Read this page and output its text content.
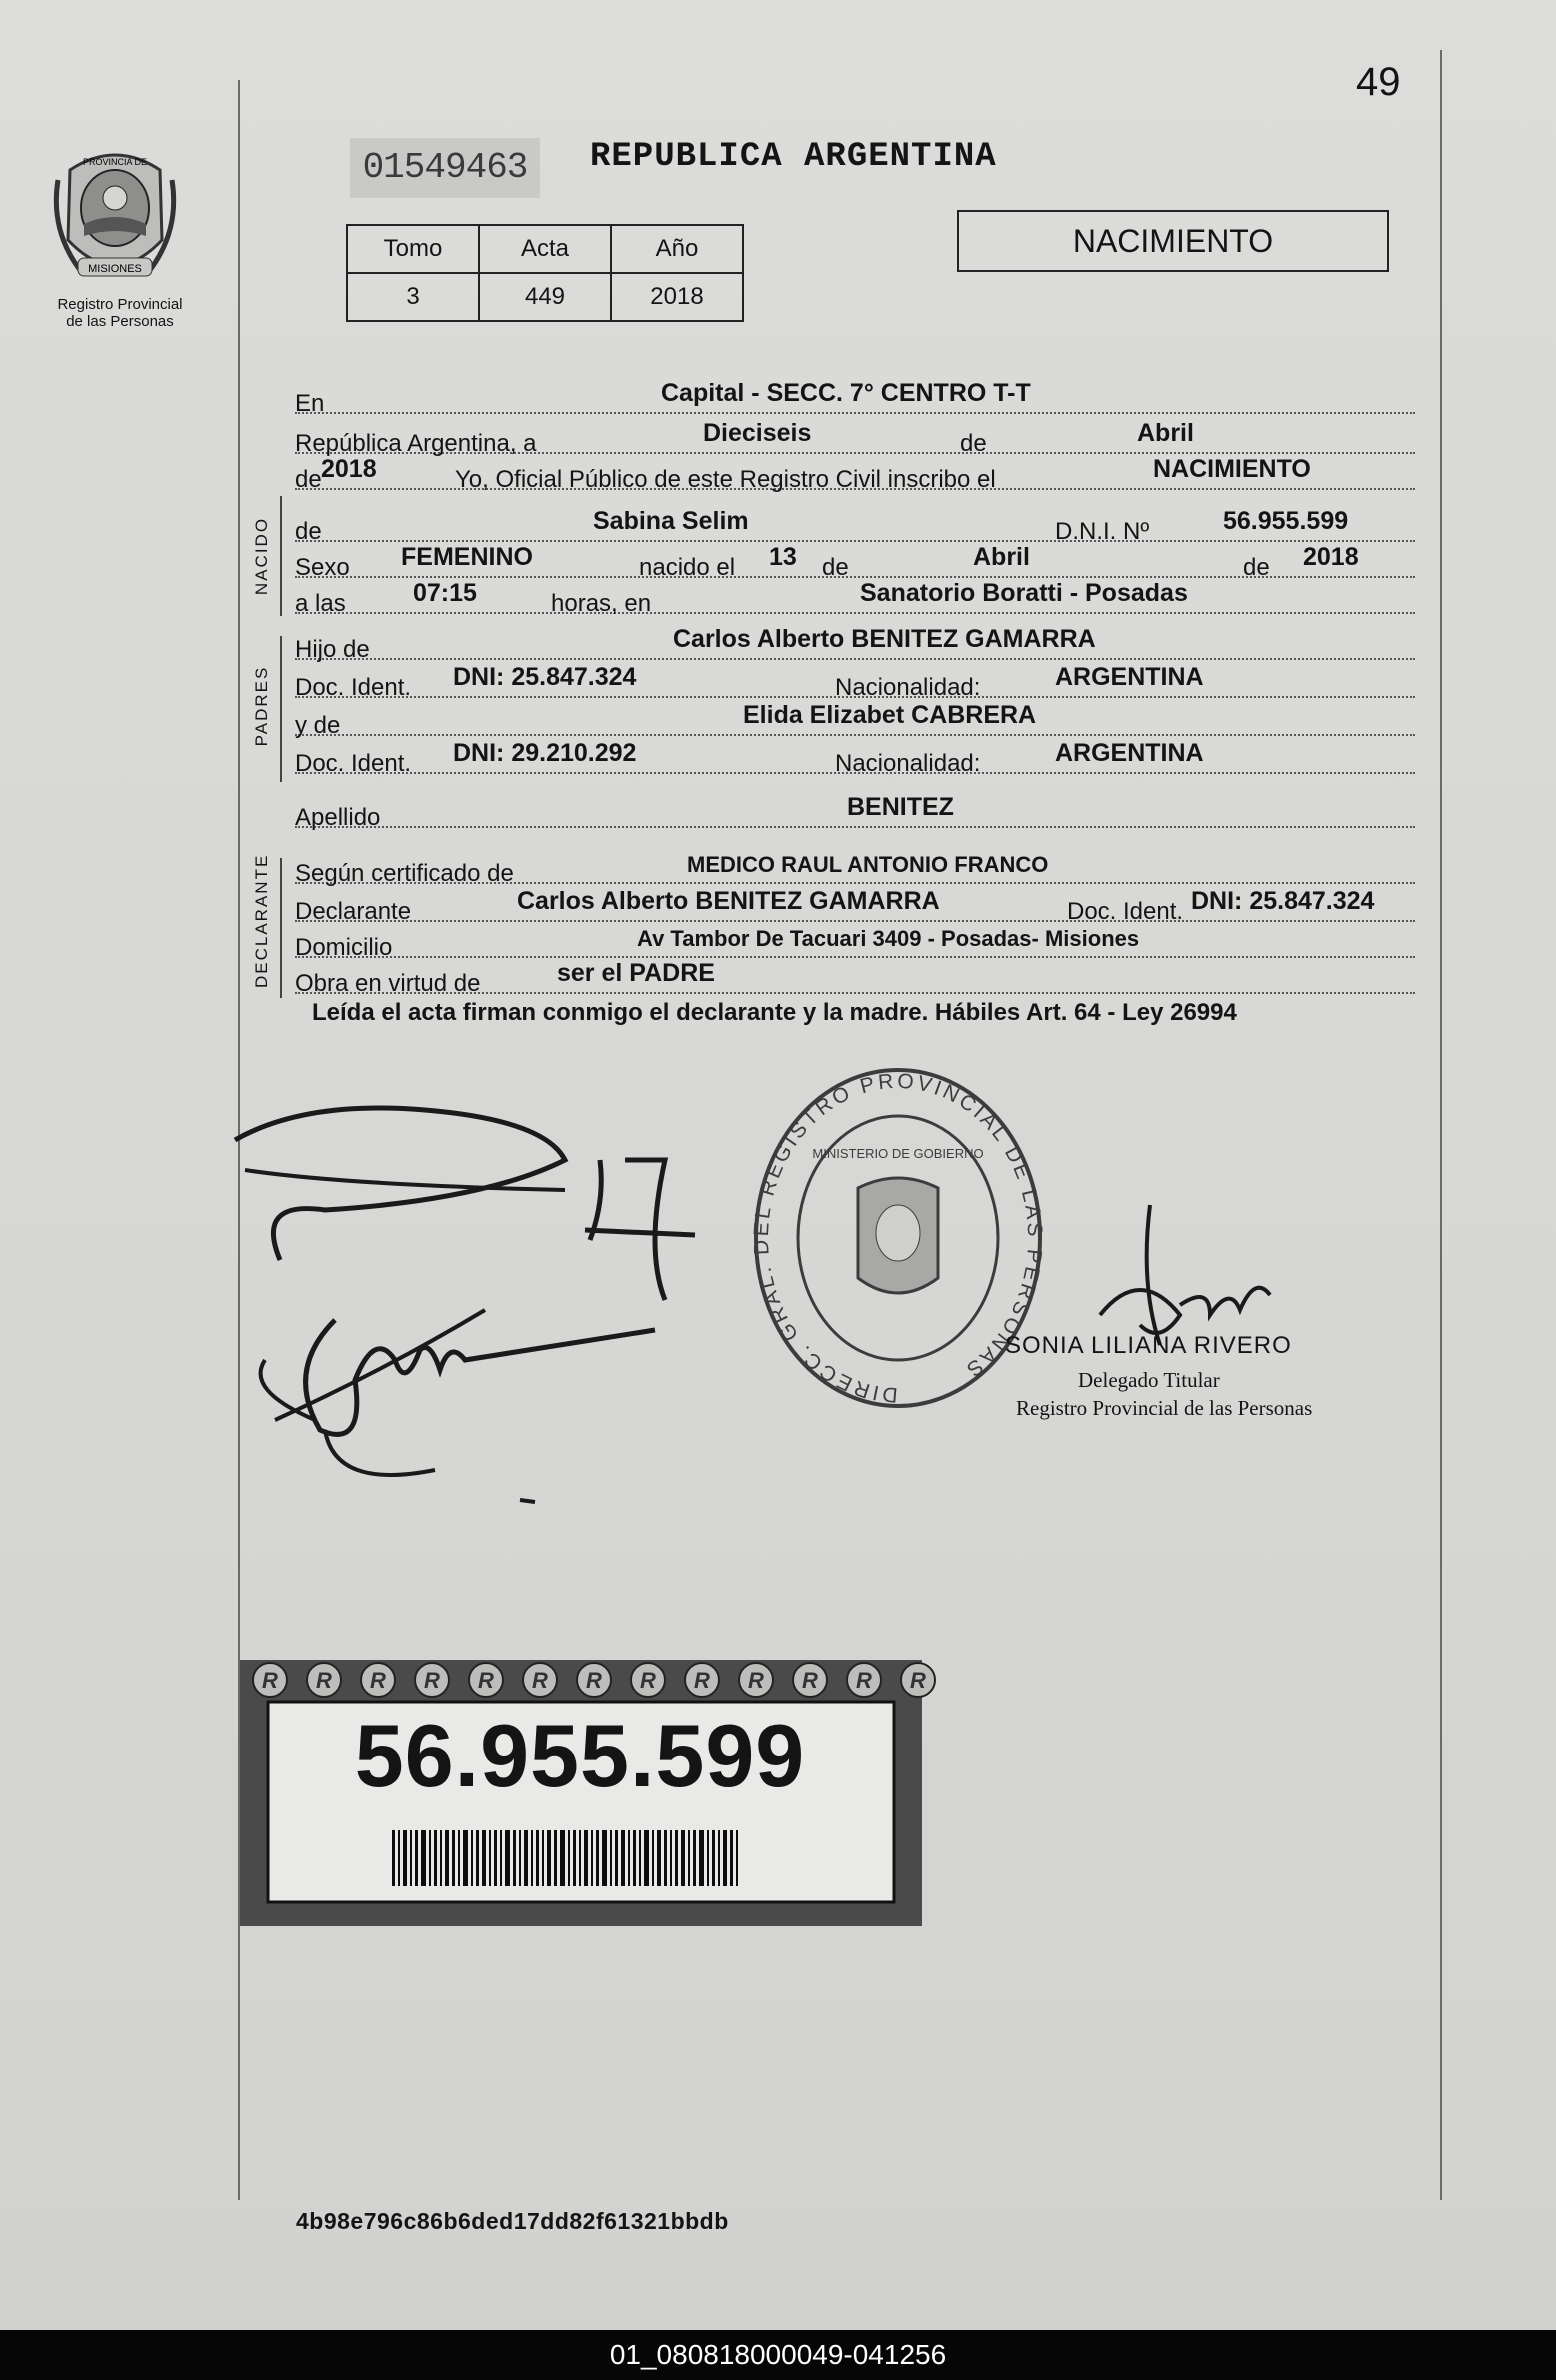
49
PROVINCIA DE
MISIONES
Registro Provincial
de las Personas
01549463	REPUBLICA ARGENTINA
Tomo	Acta	Año
3	449	2018
NACIMIENTO
En	Capital - SECC. 7° CENTRO T-T
República Argentina, a	Dieciseis	de	Abril
de 2018	Yo, Oficial Público de este Registro Civil inscribo el	NACIMIENTO
NACIDO de	Sabina Selim	D.N.I. Nº	56.955.599
Sexo FEMENINO	nacido el 13 de	Abril	de 2018
a las	07:15	horas, en	Sanatorio Boratti - Posadas
PADRES
Hijo de	Carlos Alberto BENITEZ GAMARRA
Doc. Ident. DNI: 25.847.324	Nacionalidad:	ARGENTINA
y de	Elida Elizabet CABRERA
Doc. Ident. DNI: 29.210.292	Nacionalidad:	ARGENTINA
Apellido	BENITEZ
DECLARANTE Según certificado de	MEDICO RAUL ANTONIO FRANCO
Declarante	Carlos Alberto BENITEZ GAMARRA	Doc. Ident. DNI: 25.847.324
Domicilio	Av Tambor De Tacuari 3409 - Posadas- Misiones
Obra en virtud de	ser el PADRE
Leída el acta firman conmigo el declarante y la madre. Hábiles Art. 64 - Ley 26994
DIRECC. GRAL. DEL REGISTRO PROVINCIAL DE LAS PERSONAS
MINISTERIO DE GOBIERNO
SONIA LILIANA RIVERO
Delegado Titular
Registro Provincial de las Personas
R R R R R R R R R R R R R
56.955.599
4b98e796c86b6ded17dd82f61321bbdb
01_080818000049-041256
